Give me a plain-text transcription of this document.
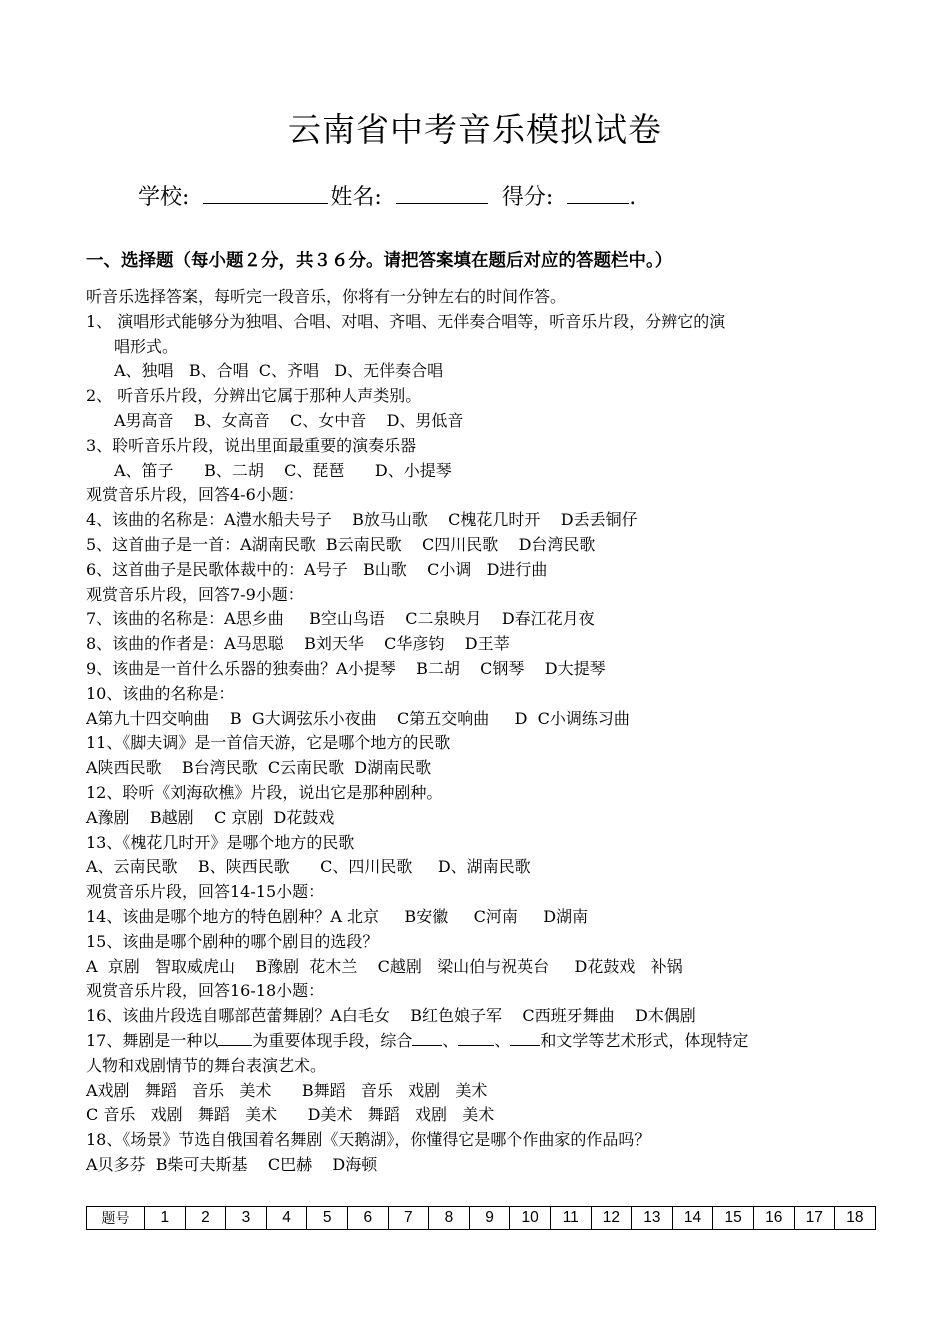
云南省中考音乐模拟试卷
学校:	姓名:	得分:	.
一、选择题（每小题２分，共３６分。请把答案填在题后对应的答题栏中。）
听音乐选择答案，每听完一段音乐，你将有一分钟左右的时间作答。
1、 演唱形式能够分为独唱、合唱、对唱、齐唱、无伴奏合唱等，听音乐片段，分辨它的演
唱形式。
A、独唱   B、合唱  C、齐唱   D、无伴奏合唱
2、 听音乐片段，分辨出它属于那种人声类别。
A男高音    B、女高音    C、女中音    D、男低音
3、聆听音乐片段，说出里面最重要的演奏乐器
A、笛子      B、二胡    C、琵琶      D、小提琴
观赏音乐片段，回答4-6小题：
4、该曲的名称是：A澧水船夫号子    B放马山歌    C槐花几时开    D丢丢铜仔
5、这首曲子是一首：A湖南民歌  B云南民歌    C四川民歌    D台湾民歌
6、这首曲子是民歌体裁中的：A号子   B山歌    C小调   D进行曲
观赏音乐片段，回答7-9小题：
7、该曲的名称是：A思乡曲     B空山鸟语    C二泉映月    D春江花月夜
8、该曲的作者是：A马思聪    B刘天华    C华彦钧    D王莘
9、该曲是一首什么乐器的独奏曲？A小提琴    B二胡    C钢琴    D大提琴
10、该曲的名称是：
A第九十四交响曲    B  G大调弦乐小夜曲    C第五交响曲     D  C小调练习曲
11、《脚夫调》是一首信天游，它是哪个地方的民歌
A陕西民歌    B台湾民歌  C云南民歌  D湖南民歌
12、聆听《刘海砍樵》片段，说出它是那种剧种。
A豫剧    B越剧    C 京剧  D花鼓戏
13、《槐花几时开》是哪个地方的民歌
A、云南民歌    B、陕西民歌      C、四川民歌     D、湖南民歌
观赏音乐片段，回答14-15小题：
14、该曲是哪个地方的特色剧种？A 北京     B安徽     C河南     D湖南
15、该曲是哪个剧种的哪个剧目的选段？
A  京剧   智取威虎山    B豫剧  花木兰    C越剧   梁山伯与祝英台     D花鼓戏   补锅
观赏音乐片段，回答16-18小题：
16、该曲片段选自哪部芭蕾舞剧？A白毛女    B红色娘子军    C西班牙舞曲    D木偶剧
17、舞剧是一种以 为重要体现手段，综合 、 、 和文学等艺术形式，体现特定
人物和戏剧情节的舞台表演艺术。
A戏剧   舞蹈   音乐   美术      B舞蹈   音乐   戏剧   美术
C 音乐   戏剧   舞蹈   美术      D美术   舞蹈   戏剧   美术
18、《场景》节选自俄国着名舞剧《天鹅湖》，你懂得它是哪个作曲家的作品吗？
A贝多芬  B柴可夫斯基    C巴赫    D海顿
题号	1	2	3	4	5	6	7	8	9	10	11	12	13	14	15	16	17	18
